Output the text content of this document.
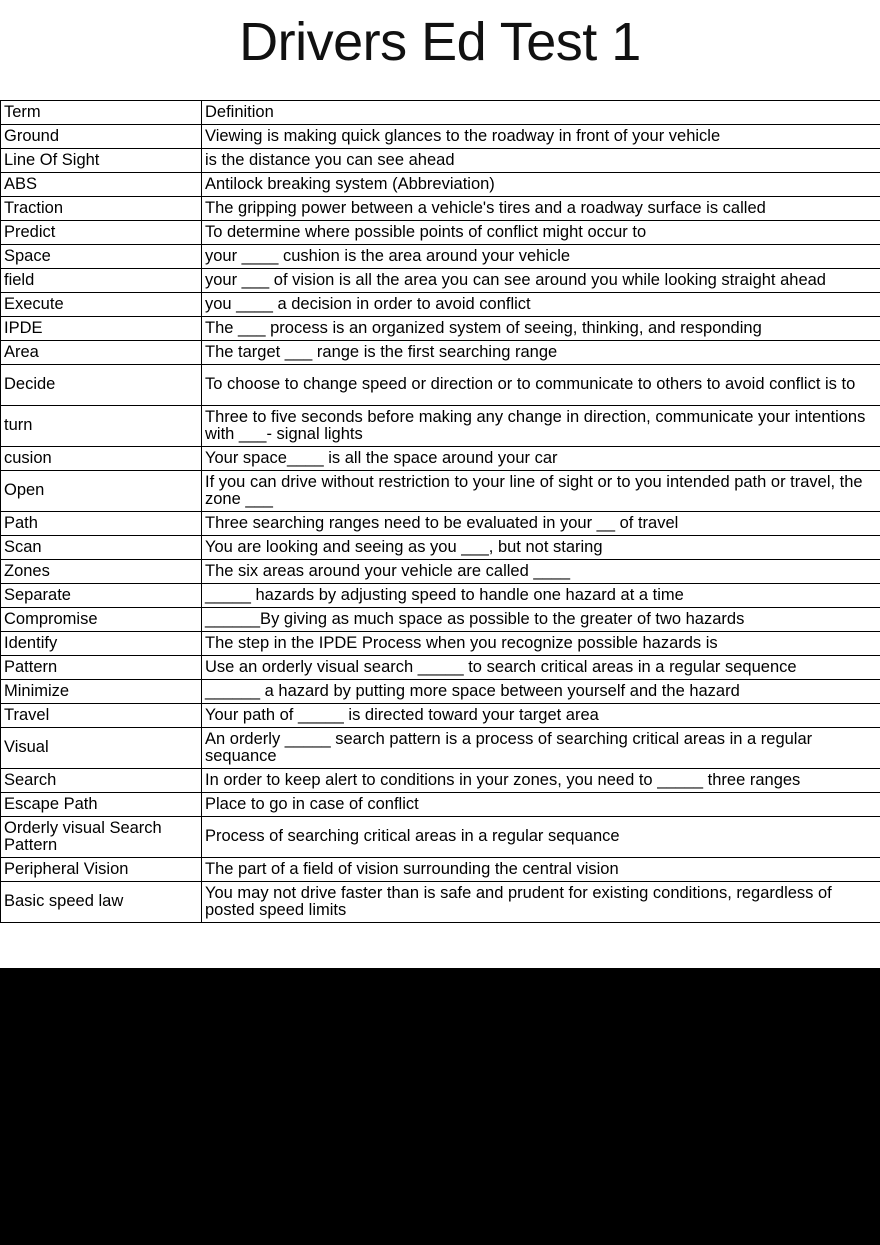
Drivers Ed Test 1
Term	Definition
Ground	Viewing is making quick glances to the roadway in front of your vehicle
Line Of Sight	is the distance you can see ahead
ABS	Antilock breaking system (Abbreviation)
Traction	The gripping power between a vehicle's tires and a roadway surface is called
Predict	To determine where possible points of conflict might occur to
Space	your ____ cushion is the area around your vehicle
field	your ___ of vision is all the area you can see around you while looking straight ahead
Execute	you ____ a decision in order to avoid conflict
IPDE	The ___ process is an organized system of seeing, thinking, and responding
Area	The target ___ range is the first searching range
Decide	To choose to change speed or direction or to communicate to others to avoid conflict is to
turn	Three to five seconds before making any change in direction, communicate your intentions with ___- signal lights
cusion	Your space____ is all the space around your car
Open	If you can drive without restriction to your line of sight or to you intended path or travel, the zone ___
Path	Three searching ranges need to be evaluated in your __ of travel
Scan	You are looking and seeing as you ___, but not staring
Zones	The six areas around your vehicle are called ____
Separate	_____ hazards by adjusting speed to handle one hazard at a time
Compromise	______By giving as much space as possible to the greater of two hazards
Identify	The step in the IPDE Process when you recognize possible hazards is
Pattern	Use an orderly visual search _____ to search critical areas in a regular sequence
Minimize	______ a hazard by putting more space between yourself and the hazard
Travel	Your path of _____ is directed toward your target area
Visual	An orderly _____ search pattern is a process of searching critical areas in a regular sequance
Search	In order to keep alert to conditions in your zones, you need to _____ three ranges
Escape Path	Place to go in case of conflict
Orderly visual Search Pattern	Process of searching critical areas in a regular sequance
Peripheral Vision	The part of a field of vision surrounding the central vision
Basic speed law	You may not drive faster than is safe and prudent for existing conditions, regardless of posted speed limits
